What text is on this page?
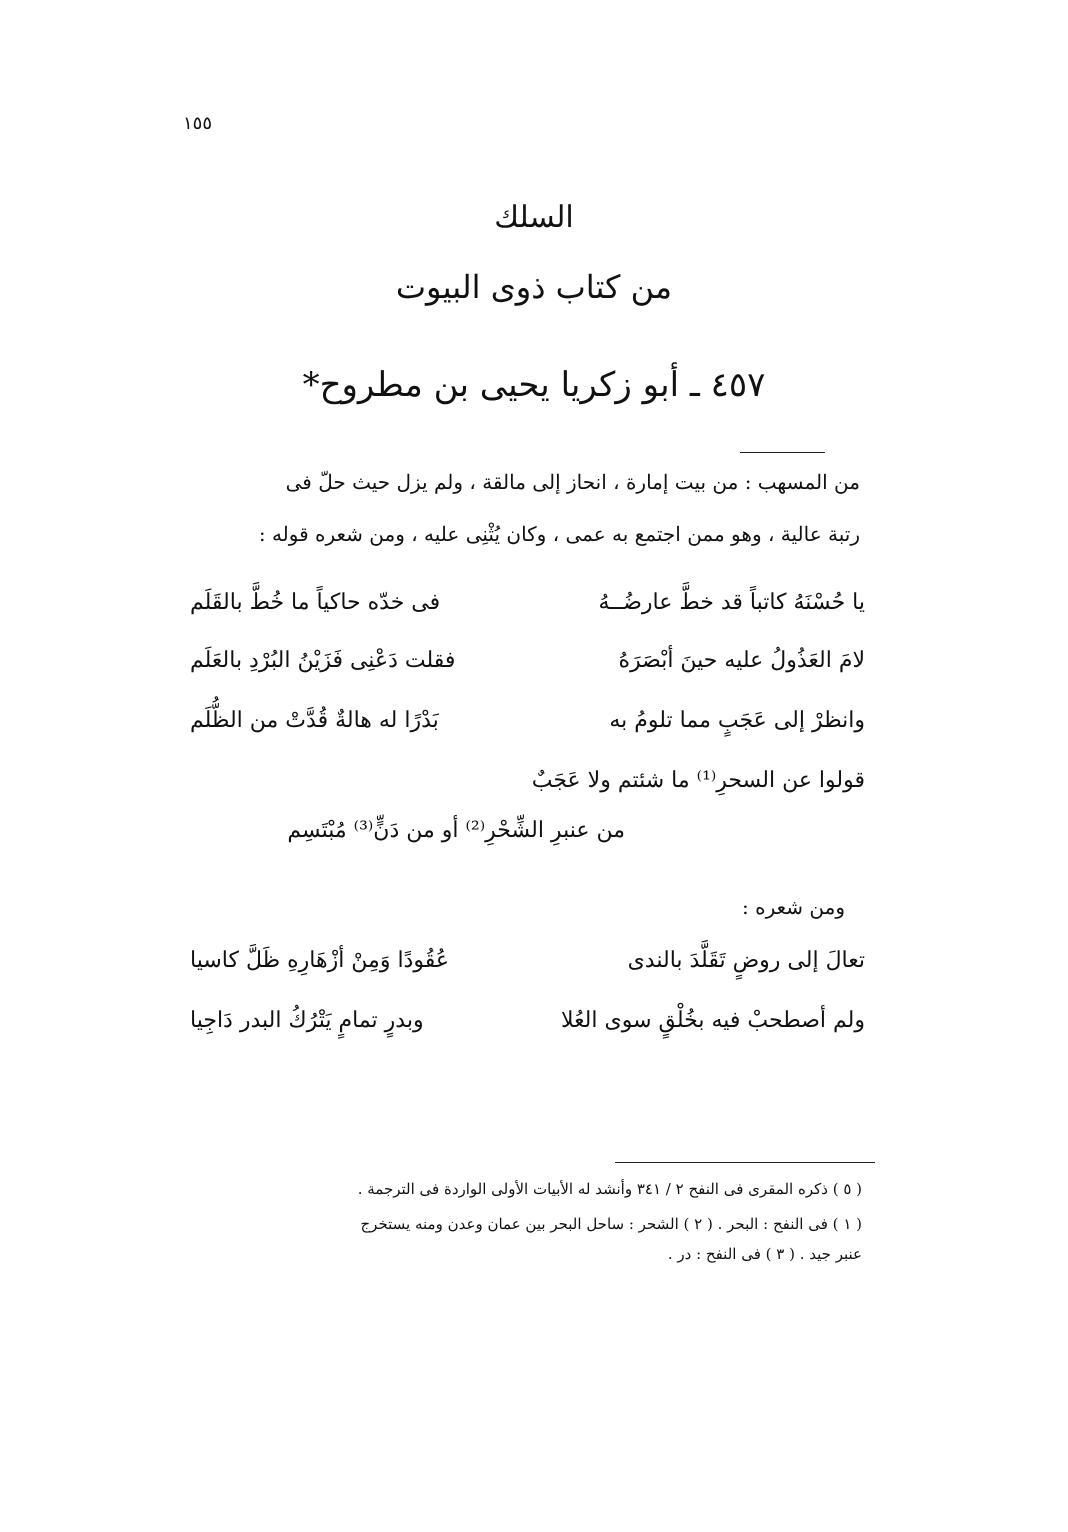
١٥٥
السلك
من كتاب ذوى البيوت
٤٥٧ ـ أبو زكريا يحيى بن مطروح*
من المسهب : من بيت إمارة ، انحاز إلى مالقة ، ولم يزل حيث حلّ فى
رتبة عالية ، وهو ممن اجتمع به عمى ، وكان يُثْنِى عليه ، ومن شعره قوله :
يا حُسْنَهُ كاتباً قد خطَّ عارضُــهُ
فى خدّه حاكياً ما خُطَّ بالقَلَم
لامَ العَذُولُ عليه حينَ أبْصَرَهُ
فقلت دَعْنِى فَزَيْنُ البُرْدِ بالعَلَم
وانظرْ إلى عَجَبٍ مما تلومُ به
بَدْرًا له هالةٌ قُدَّتْ من الظُّلَم
قولوا عن السحرِ⁽¹⁾ ما شئتم ولا عَجَبٌ
من عنبرِ الشِّحْرِ⁽²⁾ أو من دَنٍّ⁽³⁾ مُبْتَسِم
ومن شعره :
تعالَ إلى روضٍ تَقَلَّدَ بالندى
عُقُودًا وَمِنْ أزْهَارِهِ ظَلَّ كاسيا
ولم أصطحبْ فيه بخُلْقٍ سوى العُلا
وبدرٍ تمامٍ يَتْرُكُ البدر دَاجِيا
( ٥ ) ذكره المقرى فى النفح ٢ / ٣٤١ وأنشد له الأبيات الأولى الواردة فى الترجمة .
( ١ ) فى النفح : البحر . ( ٢ ) الشحر : ساحل البحر بين عمان وعدن ومنه يستخرج
عنبر جيد . ( ٣ ) فى النفح : در .
